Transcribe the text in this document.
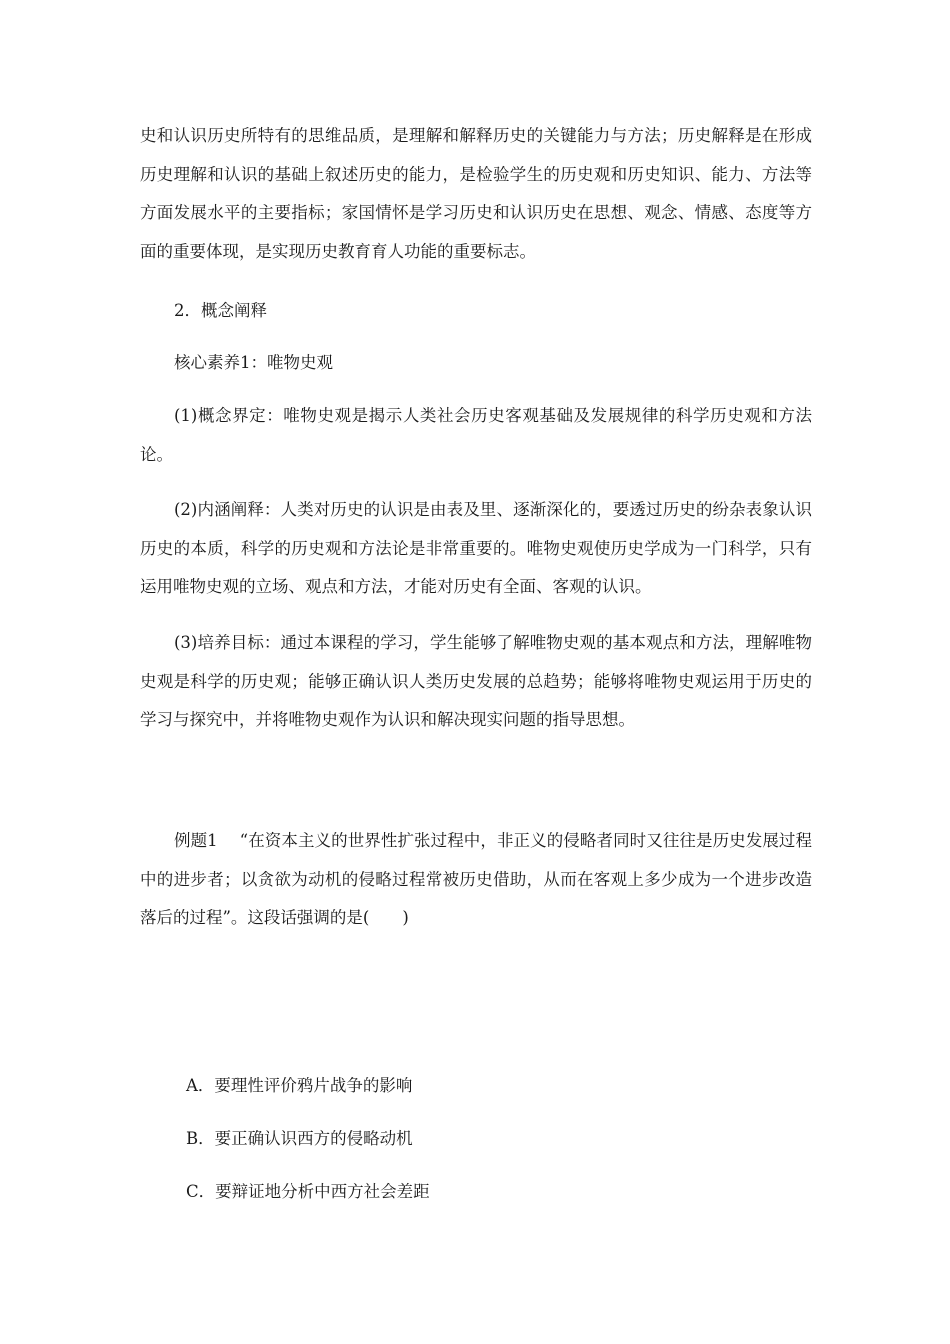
史和认识历史所特有的思维品质，是理解和解释历史的关键能力与方法；历史解释是在形成历史理解和认识的基础上叙述历史的能力，是检验学生的历史观和历史知识、能力、方法等方面发展水平的主要指标；家国情怀是学习历史和认识历史在思想、观念、情感、态度等方面的重要体现，是实现历史教育育人功能的重要标志。

2．概念阐释

核心素养1：唯物史观

(1)概念界定：唯物史观是揭示人类社会历史客观基础及发展规律的科学历史观和方法论。

(2)内涵阐释：人类对历史的认识是由表及里、逐渐深化的，要透过历史的纷杂表象认识历史的本质，科学的历史观和方法论是非常重要的。唯物史观使历史学成为一门科学，只有运用唯物史观的立场、观点和方法，才能对历史有全面、客观的认识。

(3)培养目标：通过本课程的学习，学生能够了解唯物史观的基本观点和方法，理解唯物史观是科学的历史观；能够正确认识人类历史发展的总趋势；能够将唯物史观运用于历史的学习与探究中，并将唯物史观作为认识和解决现实问题的指导思想。

例题1 “在资本主义的世界性扩张过程中，非正义的侵略者同时又往往是历史发展过程中的进步者；以贪欲为动机的侵略过程常被历史借助，从而在客观上多少成为一个进步改造落后的过程”。这段话强调的是(　　)

A．要理性评价鸦片战争的影响

B．要正确认识西方的侵略动机

C．要辩证地分析中西方社会差距
